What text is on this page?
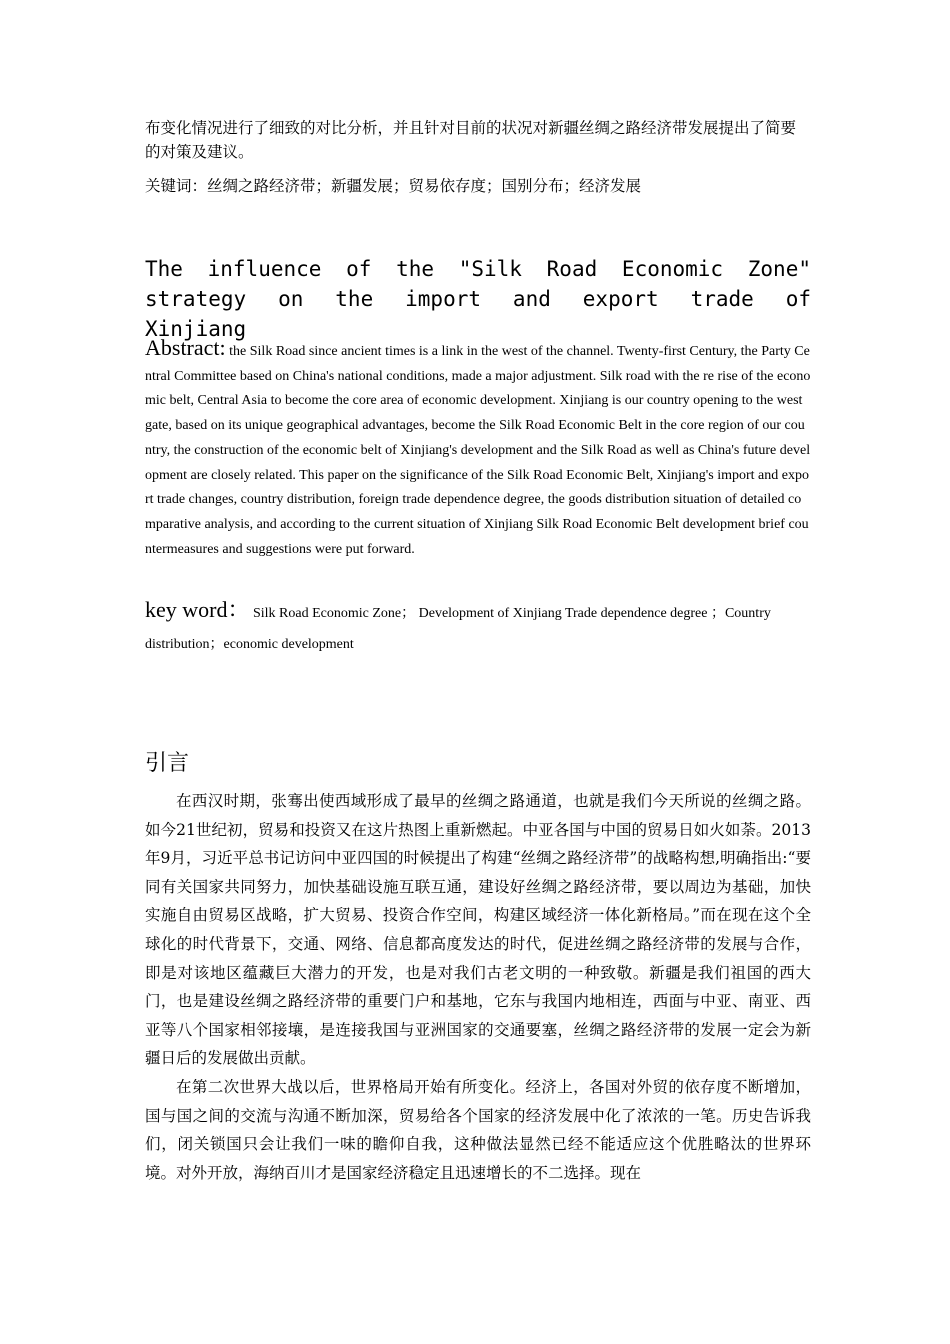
布变化情况进行了细致的对比分析，并且针对目前的状况对新疆丝绸之路经济带发展提出了简要的对策及建议。

关键词：丝绸之路经济带；新疆发展；贸易依存度；国别分布；经济发展

The influence of the "Silk Road Economic Zone" strategy on the import and export trade of Xinjiang

Abstract: the Silk Road since ancient times is a link in the west of the channel. Twenty-first Century, the Party Central Committee based on China's national conditions, made a major adjustment. Silk road with the re rise of the economic belt, Central Asia to become the core area of economic development. Xinjiang is our country opening to the west gate, based on its unique geographical advantages, become the Silk Road Economic Belt in the core region of our country, the construction of the economic belt of Xinjiang's development and the Silk Road as well as China's future development are closely related. This paper on the significance of the Silk Road Economic Belt, Xinjiang's import and export trade changes, country distribution, foreign trade dependence degree, the goods distribution situation of detailed comparative analysis, and according to the current situation of Xinjiang Silk Road Economic Belt development brief countermeasures and suggestions were put forward.

key word： Silk Road Economic Zone； Development of Xinjiang Trade dependence degree ；Country distribution；economic development

引言

在西汉时期，张骞出使西域形成了最早的丝绸之路通道，也就是我们今天所说的丝绸之路。如今21世纪初，贸易和投资又在这片热图上重新燃起。中亚各国与中国的贸易日如火如荼。2013年9月，习近平总书记访问中亚四国的时候提出了构建“丝绸之路经济带”的战略构想,明确指出:“要同有关国家共同努力，加快基础设施互联互通，建设好丝绸之路经济带，要以周边为基础，加快实施自由贸易区战略，扩大贸易、投资合作空间，构建区域经济一体化新格局。”而在现在这个全球化的时代背景下，交通、网络、信息都高度发达的时代，促进丝绸之路经济带的发展与合作，即是对该地区蕴藏巨大潜力的开发，也是对我们古老文明的一种致敬。新疆是我们祖国的西大门，也是建设丝绸之路经济带的重要门户和基地，它东与我国内地相连，西面与中亚、南亚、西亚等八个国家相邻接壤，是连接我国与亚洲国家的交通要塞，丝绸之路经济带的发展一定会为新疆日后的发展做出贡献。

在第二次世界大战以后，世界格局开始有所变化。经济上，各国对外贸的依存度不断增加，国与国之间的交流与沟通不断加深，贸易给各个国家的经济发展中化了浓浓的一笔。历史告诉我们，闭关锁国只会让我们一味的瞻仰自我，这种做法显然已经不能适应这个优胜略汰的世界环境。对外开放，海纳百川才是国家经济稳定且迅速增长的不二选择。现在
